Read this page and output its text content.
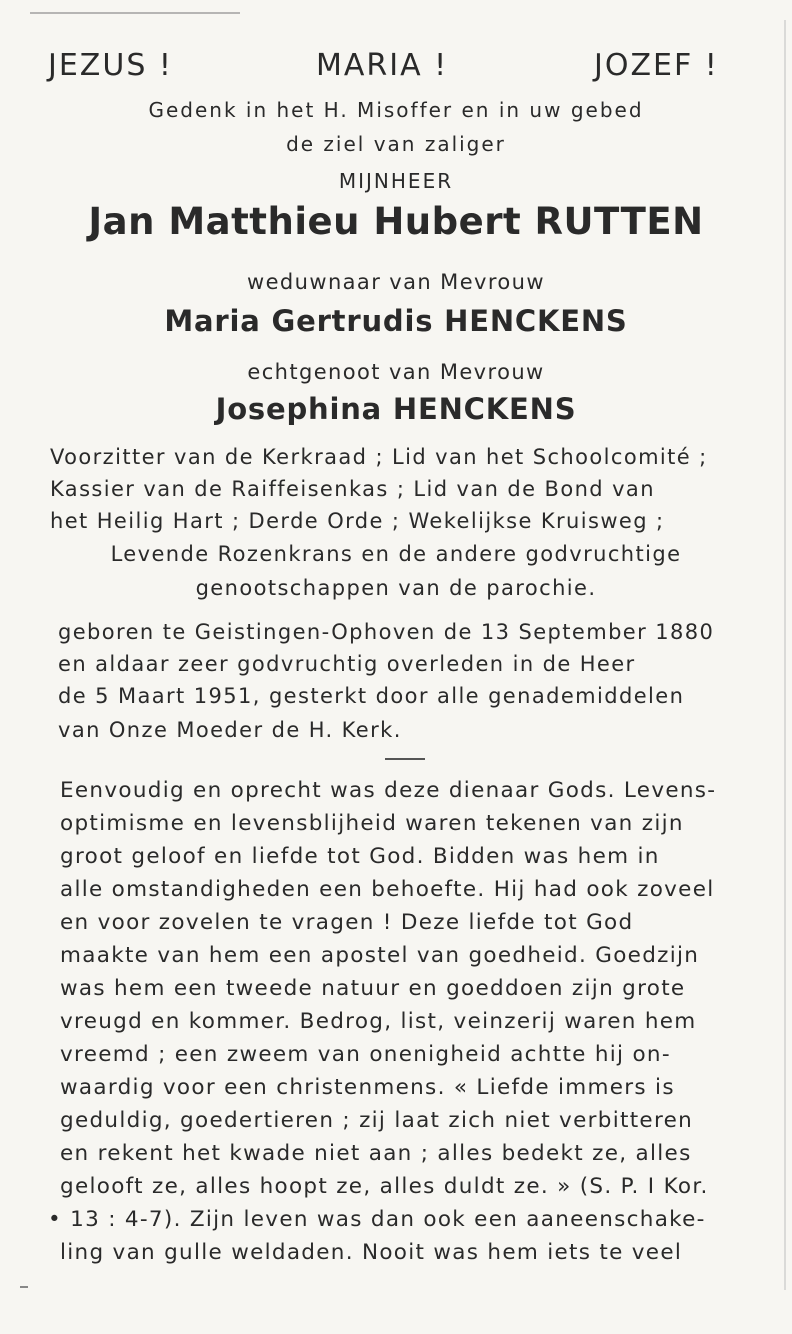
JEZUS !	MARIA !	JOZEF !
Gedenk in het H. Misoffer en in uw gebed
de ziel van zaliger
MIJNHEER
Jan Matthieu Hubert RUTTEN
weduwnaar van Mevrouw
Maria Gertrudis HENCKENS
echtgenoot van Mevrouw
Josephina HENCKENS
Voorzitter van de Kerkraad ; Lid van het Schoolcomité ;
Kassier van de Raiffeisenkas ; Lid van de Bond van
het Heilig Hart ; Derde Orde ; Wekelijkse Kruisweg ;
Levende Rozenkrans en de andere godvruchtige
genootschappen van de parochie.
geboren te Geistingen-Ophoven de 13 September 1880
en aldaar zeer godvruchtig overleden in de Heer
de 5 Maart 1951, gesterkt door alle genademiddelen
van Onze Moeder de H. Kerk.
Eenvoudig en oprecht was deze dienaar Gods. Levens-
optimisme en levensblijheid waren tekenen van zijn
groot geloof en liefde tot God. Bidden was hem in
alle omstandigheden een behoefte. Hij had ook zoveel
en voor zovelen te vragen ! Deze liefde tot God
maakte van hem een apostel van goedheid. Goedzijn
was hem een tweede natuur en goeddoen zijn grote
vreugd en kommer. Bedrog, list, veinzerij waren hem
vreemd ; een zweem van onenigheid achtte hij on-
waardig voor een christenmens. « Liefde immers is
geduldig, goedertieren ; zij laat zich niet verbitteren
en rekent het kwade niet aan ; alles bedekt ze, alles
gelooft ze, alles hoopt ze, alles duldt ze. » (S. P. I Kor.
• 13 : 4-7). Zijn leven was dan ook een aaneenschake-
ling van gulle weldaden. Nooit was hem iets te veel
